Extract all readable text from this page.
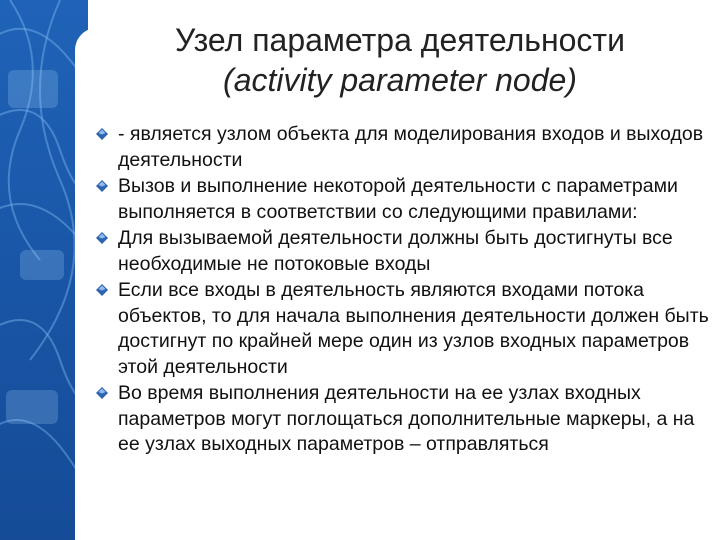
Узел параметра деятельности
(activity parameter node)
- является узлом объекта для моделирования входов и выходов деятельности
Вызов и выполнение некоторой деятельности с параметрами выполняется в соответствии со следующими правилами:
Для вызываемой деятельности должны быть достигнуты все необходимые не потоковые входы
Если все входы в деятельность являются входами потока объектов, то для начала выполнения деятельности должен быть достигнут по крайней мере один из узлов входных параметров этой деятельности
Во время выполнения деятельности на ее узлах входных параметров могут поглощаться дополнительные маркеры, а на ее узлах выходных параметров – отправляться
